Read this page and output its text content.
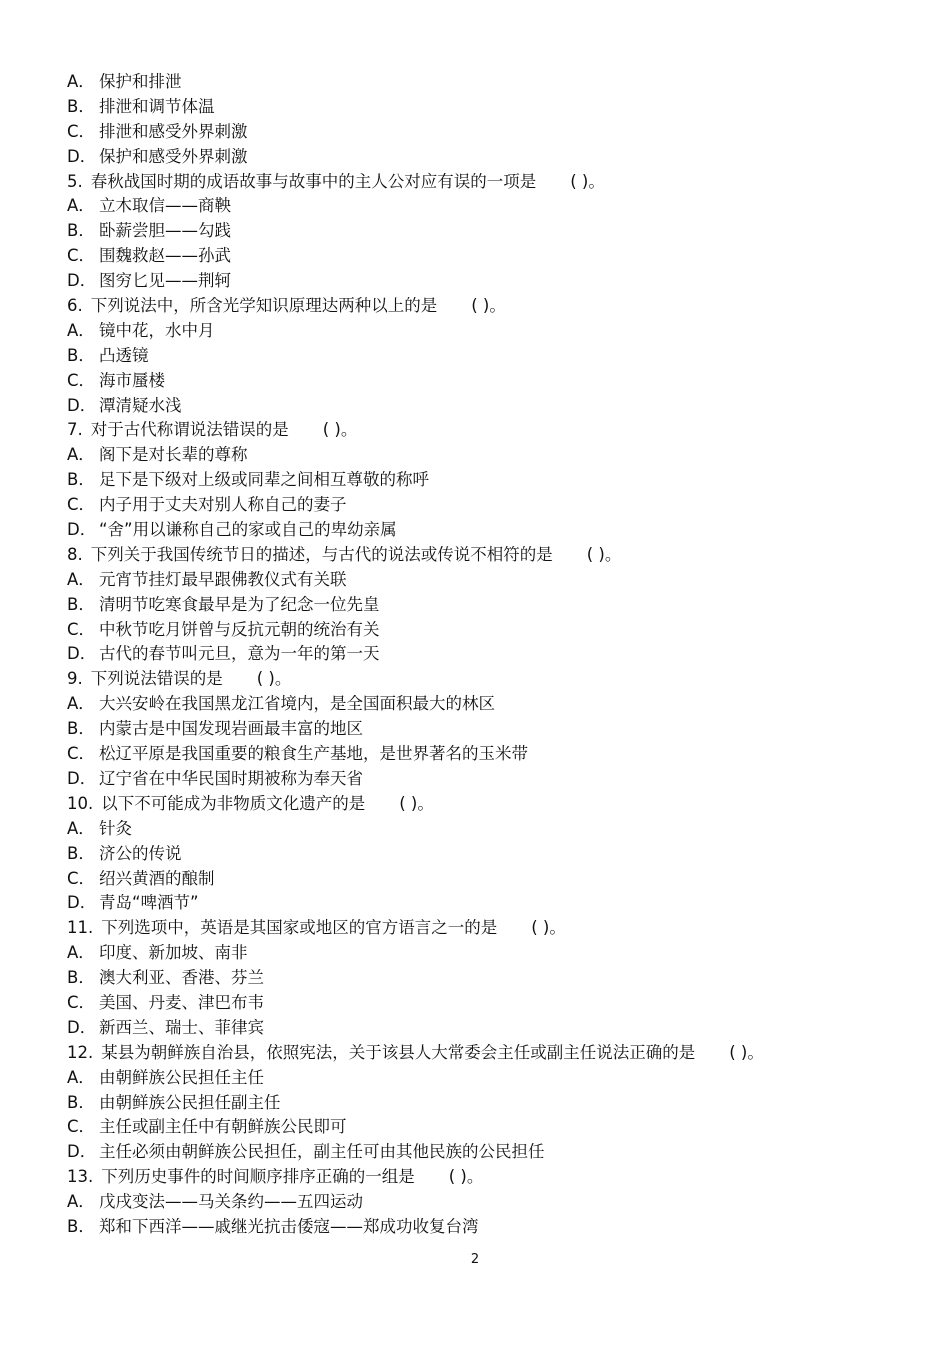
A． 保护和排泄
B． 排泄和调节体温
C． 排泄和感受外界刺激
D． 保护和感受外界刺激
5. 春秋战国时期的成语故事与故事中的主人公对应有误的一项是 ( )。
A． 立木取信——商鞅
B． 卧薪尝胆——勾践
C． 围魏救赵——孙武
D． 图穷匕见——荆轲
6. 下列说法中，所含光学知识原理达两种以上的是 ( )。
A． 镜中花，水中月
B． 凸透镜
C． 海市蜃楼
D． 潭清疑水浅
7. 对于古代称谓说法错误的是 ( )。
A． 阁下是对长辈的尊称
B． 足下是下级对上级或同辈之间相互尊敬的称呼
C． 内子用于丈夫对别人称自己的妻子
D． “舍”用以谦称自己的家或自己的卑幼亲属
8. 下列关于我国传统节日的描述，与古代的说法或传说不相符的是 ( )。
A． 元宵节挂灯最早跟佛教仪式有关联
B． 清明节吃寒食最早是为了纪念一位先皇
C． 中秋节吃月饼曾与反抗元朝的统治有关
D． 古代的春节叫元旦，意为一年的第一天
9. 下列说法错误的是 ( )。
A． 大兴安岭在我国黑龙江省境内，是全国面积最大的林区
B． 内蒙古是中国发现岩画最丰富的地区
C． 松辽平原是我国重要的粮食生产基地，是世界著名的玉米带
D． 辽宁省在中华民国时期被称为奉天省
10. 以下不可能成为非物质文化遗产的是 ( )。
A． 针灸
B． 济公的传说
C． 绍兴黄酒的酿制
D． 青岛“啤酒节”
11. 下列选项中，英语是其国家或地区的官方语言之一的是 ( )。
A． 印度、新加坡、南非
B． 澳大利亚、香港、芬兰
C． 美国、丹麦、津巴布韦
D． 新西兰、瑞士、菲律宾
12. 某县为朝鲜族自治县，依照宪法，关于该县人大常委会主任或副主任说法正确的是 ( )。
A． 由朝鲜族公民担任主任
B． 由朝鲜族公民担任副主任
C． 主任或副主任中有朝鲜族公民即可
D． 主任必须由朝鲜族公民担任，副主任可由其他民族的公民担任
13. 下列历史事件的时间顺序排序正确的一组是 ( )。
A． 戊戌变法——马关条约——五四运动
B． 郑和下西洋——戚继光抗击倭寇——郑成功收复台湾
2
